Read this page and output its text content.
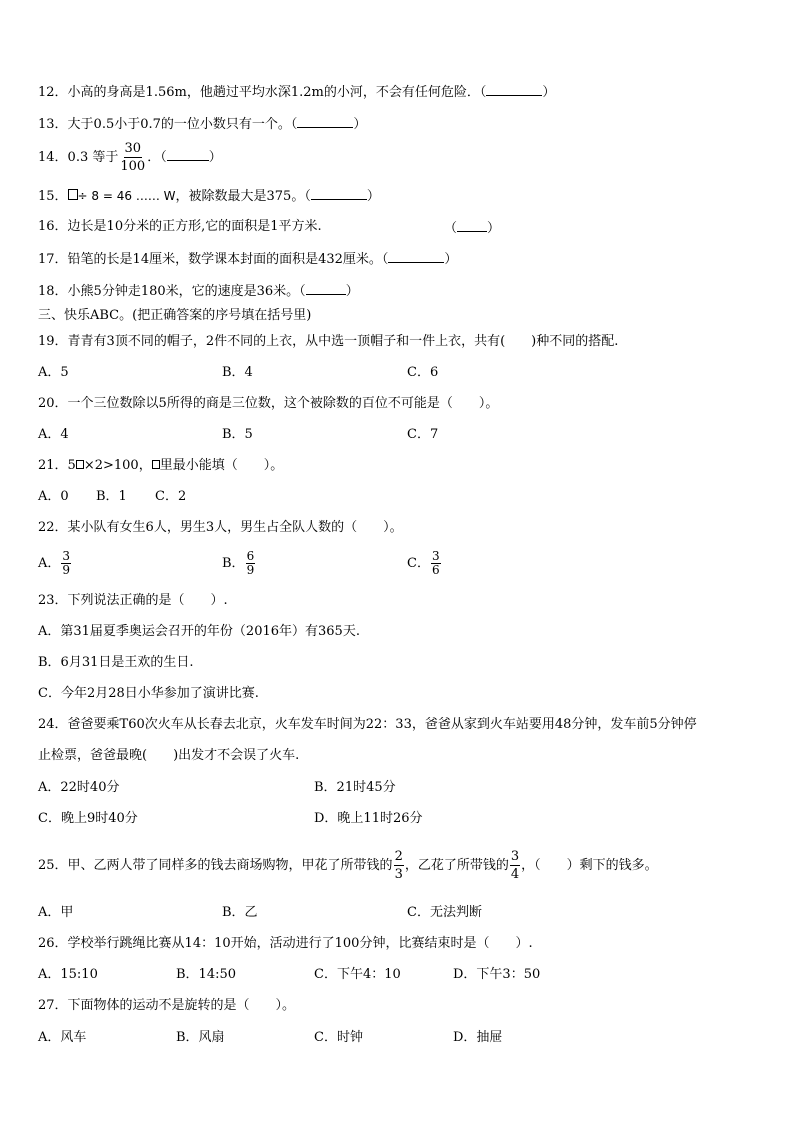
12．小高的身高是1.56m，他趟过平均水深1.2m的小河，不会有任何危险．（	）
13．大于0.5小于0.7的一位小数只有一个。（	）
14．0.3 等于 $\frac{30}{100}$ ．（	）
15． ÷ 8 = 46 …… W，被除数最大是375。（	）
16．边长是10分米的正方形,它的面积是1平方米.	（ ）
17．铅笔的长是14厘米，数学课本封面的面积是432厘米。（	）
18．小熊5分钟走180米，它的速度是36米。（	）
三、快乐ABC。(把正确答案的序号填在括号里)
19．青青有3顶不同的帽子，2件不同的上衣，从中选一顶帽子和一件上衣，共有(　　)种不同的搭配.
A．5	B．4	C．6
20．一个三位数除以5所得的商是三位数，这个被除数的百位不可能是（　　）。
A．4	B．5	C．7
21．5 ×2>100， 里最小能填（　　）。
A．0 B．1 C．2
22．某小队有女生6人，男生3人，男生占全队人数的（　　）。
A． $\frac{3}{9}$	B． $\frac{6}{9}$	C． $\frac{3}{6}$
23．下列说法正确的是（　　）.
A．第31届夏季奥运会召开的年份（2016年）有365天.
B．6月31日是王欢的生日.
C．今年2月28日小华参加了演讲比赛.
24．爸爸要乘T60次火车从长春去北京，火车发车时间为22：33，爸爸从家到火车站要用48分钟，发车前5分钟停
止检票，爸爸最晚(　　)出发才不会误了火车.
A．22时40分	B．21时45分
C．晚上9时40分	D．晚上11时26分
25．甲、乙两人带了同样多的钱去商场购物，甲花了所带钱的 $\frac{2}{3}$ ，乙花了所带钱的 $\frac{3}{4}$ ，（　　）剩下的钱多。
A．甲	B．乙	C．无法判断
26．学校举行跳绳比赛从14：10开始，活动进行了100分钟，比赛结束时是（　　）.
A．15:10	B．14:50	C．下午4：10	D．下午3：50
27．下面物体的运动不是旋转的是（　　）。
A．风车	B．风扇	C．时钟	D．抽屉
